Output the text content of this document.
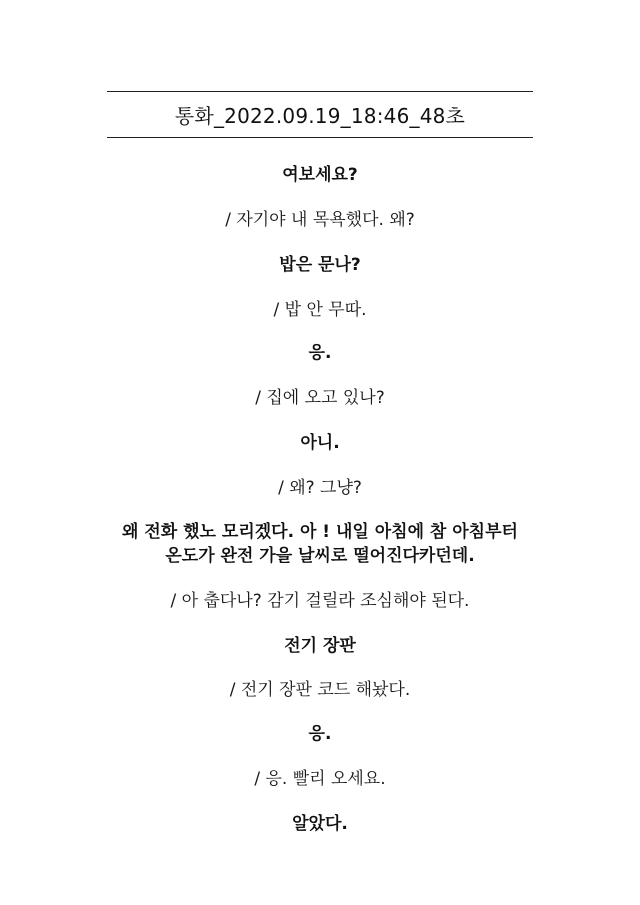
통화_2022.09.19_18:46_48초
여보세요?
/ 자기야 내 목욕했다. 왜?
밥은 문나?
/ 밥 안 무따.
응.
/ 집에 오고 있나?
아니.
/ 왜? 그냥?
왜 전화 했노 모리겠다. 아 ! 내일 아침에 참 아침부터
온도가 완전 가을 날씨로 떨어진다카던데.
/ 아 춥다나? 감기 걸릴라 조심해야 된다.
전기 장판
/ 전기 장판 코드 해놨다.
응.
/ 응. 빨리 오세요.
알았다.
